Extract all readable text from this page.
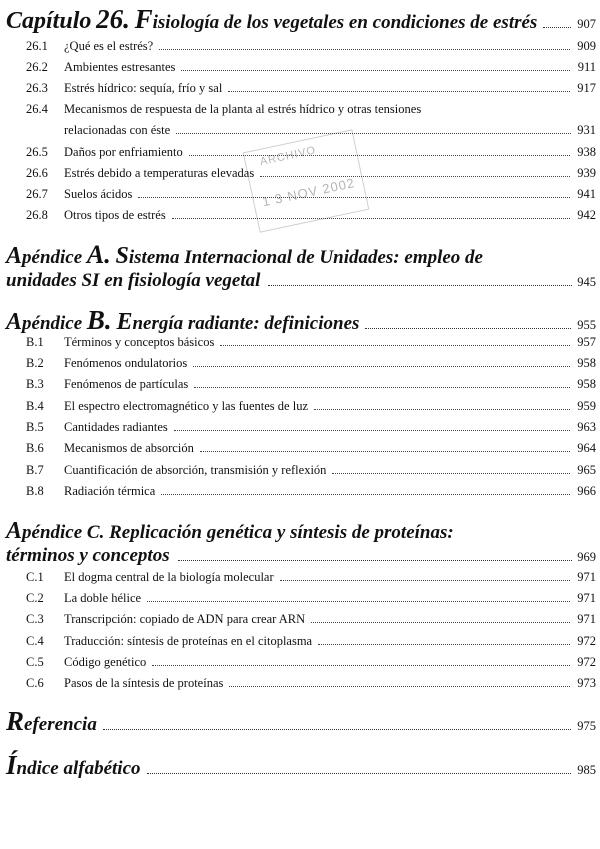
ARCHIVO
1 3 NOV 2002
Capítulo 26. Fisiología de los vegetales en condiciones de estrés	907
26.1	¿Qué es el estrés?	909
26.2	Ambientes estresantes	911
26.3	Estrés hídrico: sequía, frío y sal	917
26.4	Mecanismos de respuesta de la planta al estrés hídrico y otras tensiones
relacionadas con éste	931
26.5	Daños por enfriamiento	938
26.6	Estrés debido a temperaturas elevadas	939
26.7	Suelos ácidos	941
26.8	Otros tipos de estrés	942
Apéndice A. Sistema Internacional de Unidades: empleo de
unidades SI en fisiología vegetal	945
Apéndice B. Energía radiante: definiciones	955
B.1	Términos y conceptos básicos	957
B.2	Fenómenos ondulatorios	958
B.3	Fenómenos de partículas	958
B.4	El espectro electromagnético y las fuentes de luz	959
B.5	Cantidades radiantes	963
B.6	Mecanismos de absorción	964
B.7	Cuantificación de absorción, transmisión y reflexión	965
B.8	Radiación térmica	966
Apéndice C. Replicación genética y síntesis de proteínas:
términos y conceptos	969
C.1	El dogma central de la biología molecular	971
C.2	La doble hélice	971
C.3	Transcripción: copiado de ADN para crear ARN	971
C.4	Traducción: síntesis de proteínas en el citoplasma	972
C.5	Código genético	972
C.6	Pasos de la síntesis de proteínas	973
Referencia	975
Índice alfabético	985
